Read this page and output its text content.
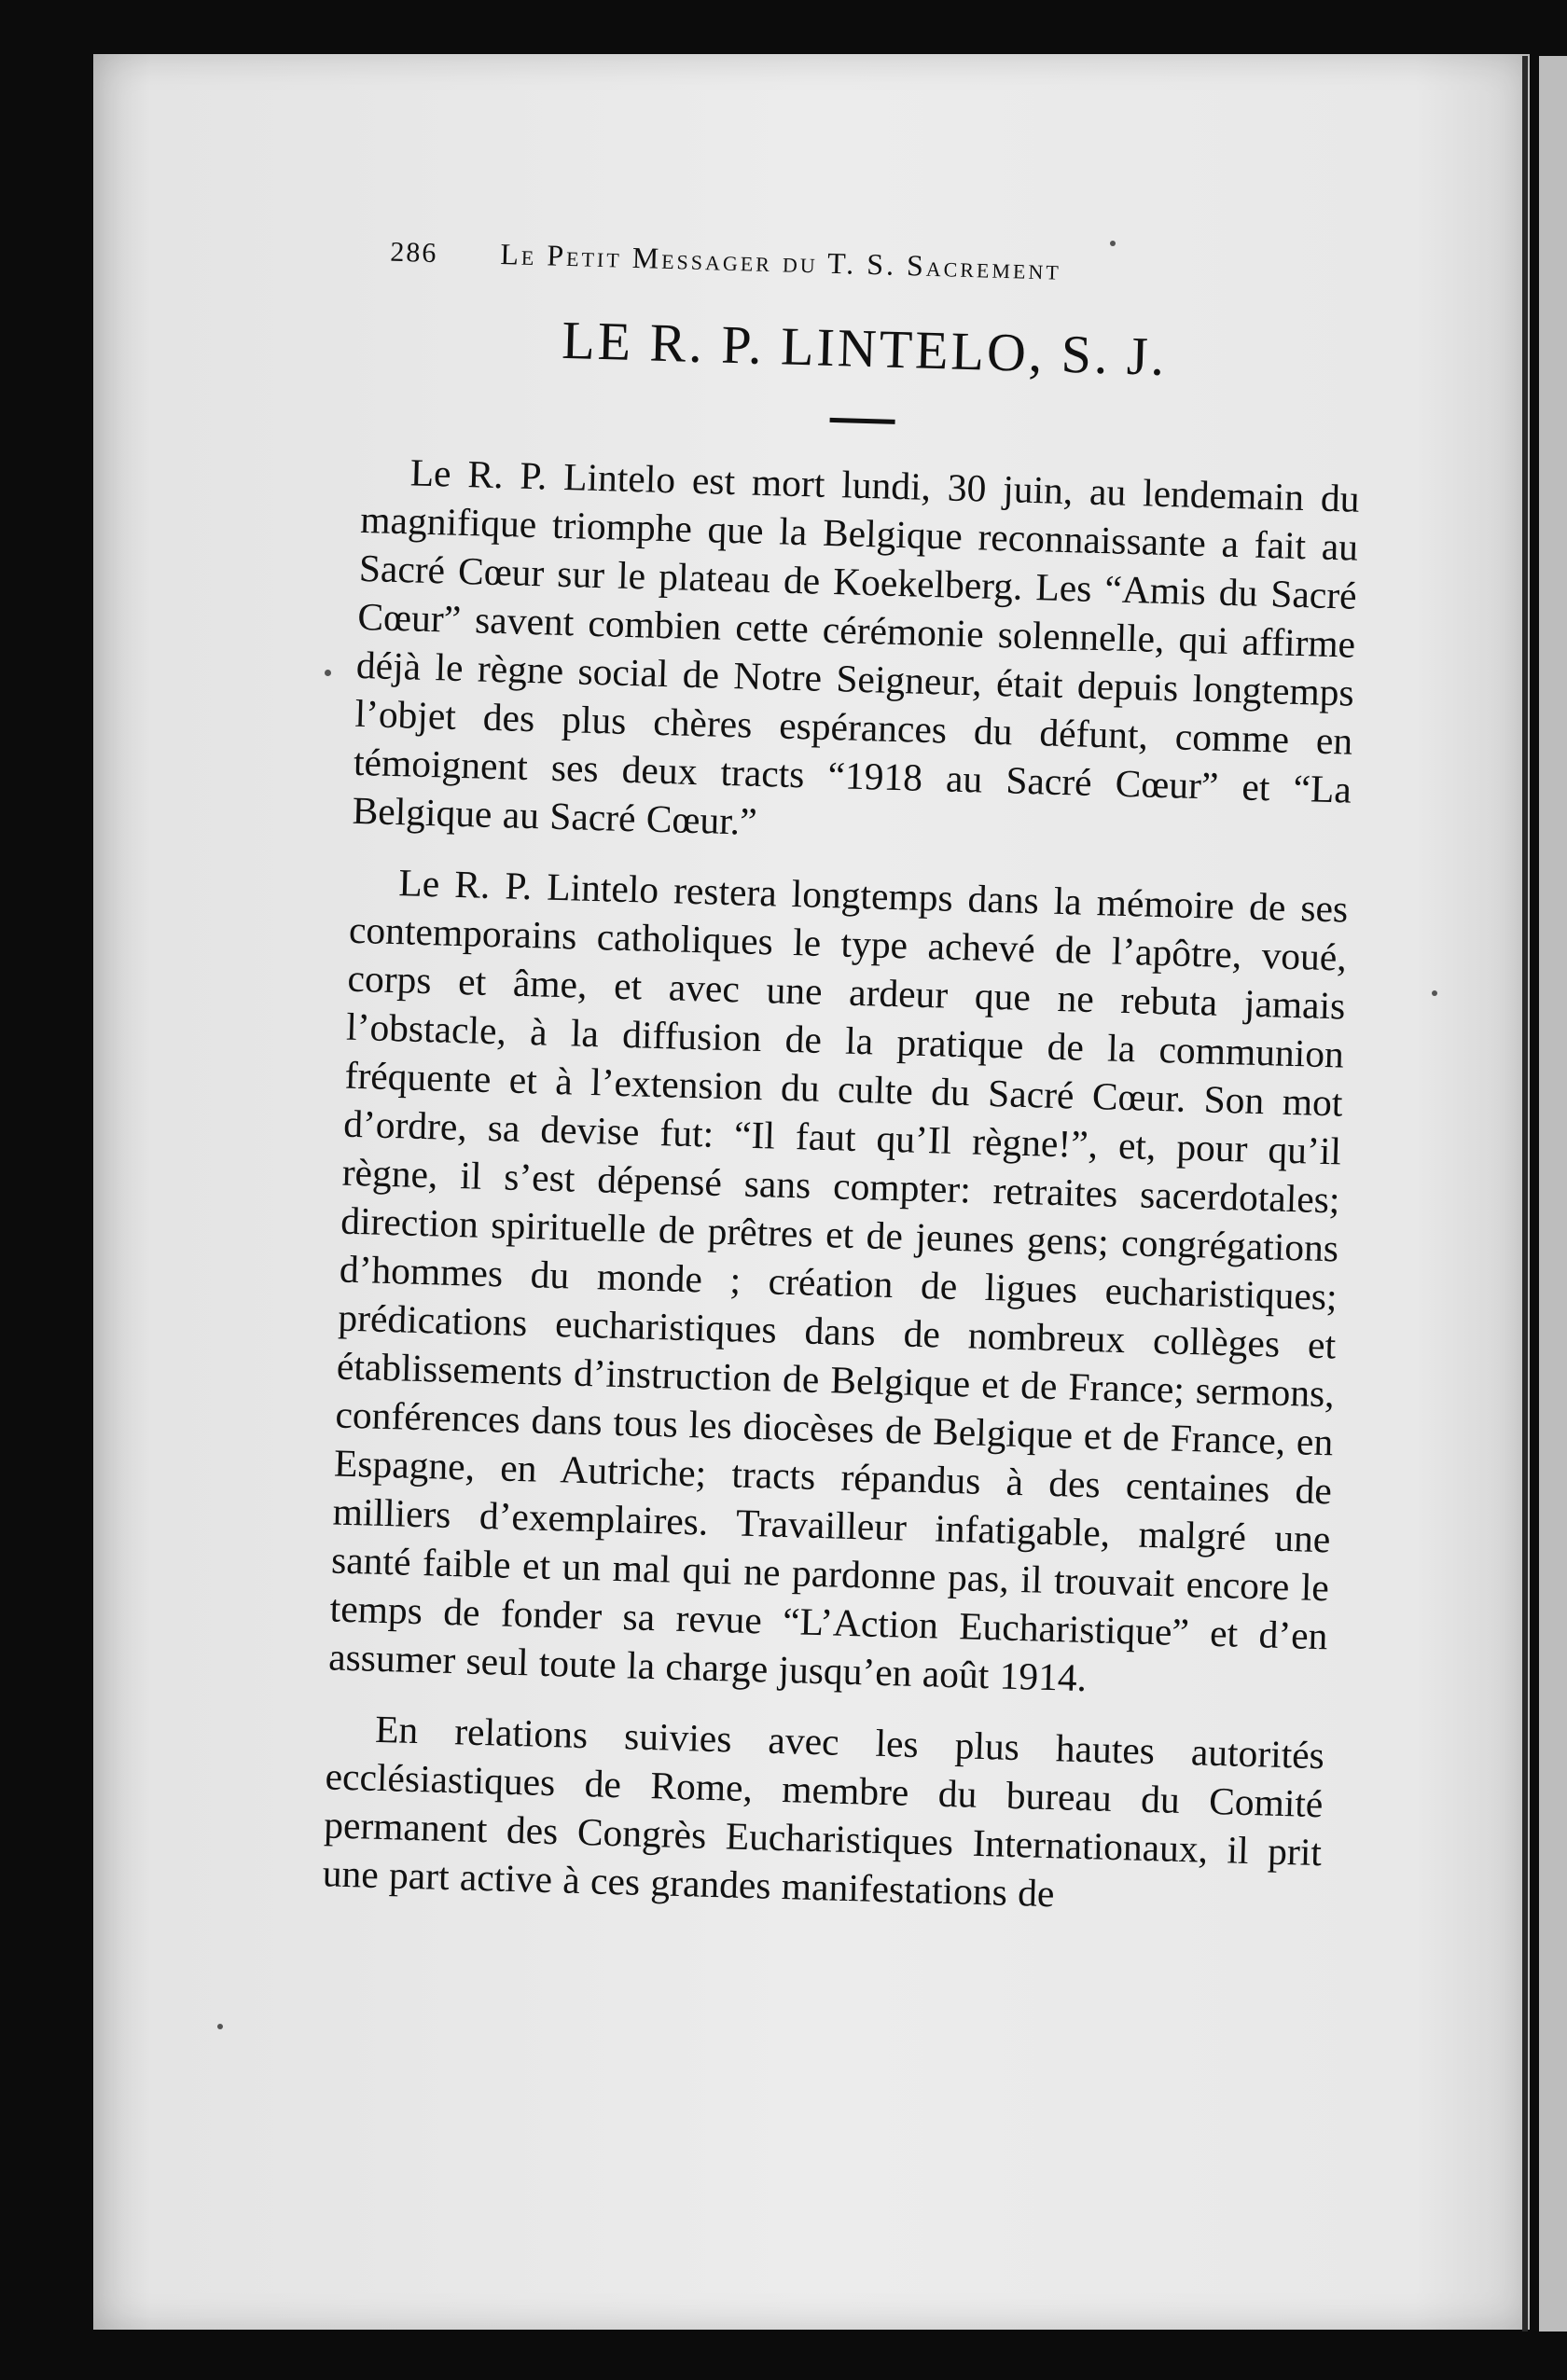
286	Le Petit Messager du T. S. Sacrement
LE R. P. LINTELO, S. J.

Le R. P. Lintelo est mort lundi, 30 juin, au lendemain du magnifique triomphe que la Belgique reconnaissante a fait au Sacré Cœur sur le plateau de Koekelberg. Les “Amis du Sacré Cœur” savent combien cette cérémonie solennelle, qui affirme déjà le règne social de Notre Seigneur, était depuis longtemps l’objet des plus chères espérances du défunt, comme en témoignent ses deux tracts “1918 au Sacré Cœur” et “La Belgique au Sacré Cœur.”

Le R. P. Lintelo restera longtemps dans la mémoire de ses contemporains catholiques le type achevé de l’apôtre, voué, corps et âme, et avec une ardeur que ne rebuta jamais l’obstacle, à la diffusion de la pratique de la communion fréquente et à l’extension du culte du Sacré Cœur. Son mot d’ordre, sa devise fut: “Il faut qu’Il règne!”, et, pour qu’il règne, il s’est dépensé sans compter: retraites sacerdotales; direction spirituelle de prêtres et de jeunes gens; congrégations d’hommes du monde ; création de ligues eucharistiques; prédications eucharistiques dans de nombreux collèges et établissements d’instruction de Belgique et de France; sermons, conférences dans tous les diocèses de Belgique et de France, en Espagne, en Autriche; tracts répandus à des centaines de milliers d’exemplaires. Travailleur infatigable, malgré une santé faible et un mal qui ne pardonne pas, il trouvait encore le temps de fonder sa revue “L’Action Eucharistique” et d’en assumer seul toute la charge jusqu’en août 1914.

En relations suivies avec les plus hautes autorités ecclésiastiques de Rome, membre du bureau du Comité permanent des Congrès Eucharistiques Internationaux, il prit une part active à ces grandes manifestations de
